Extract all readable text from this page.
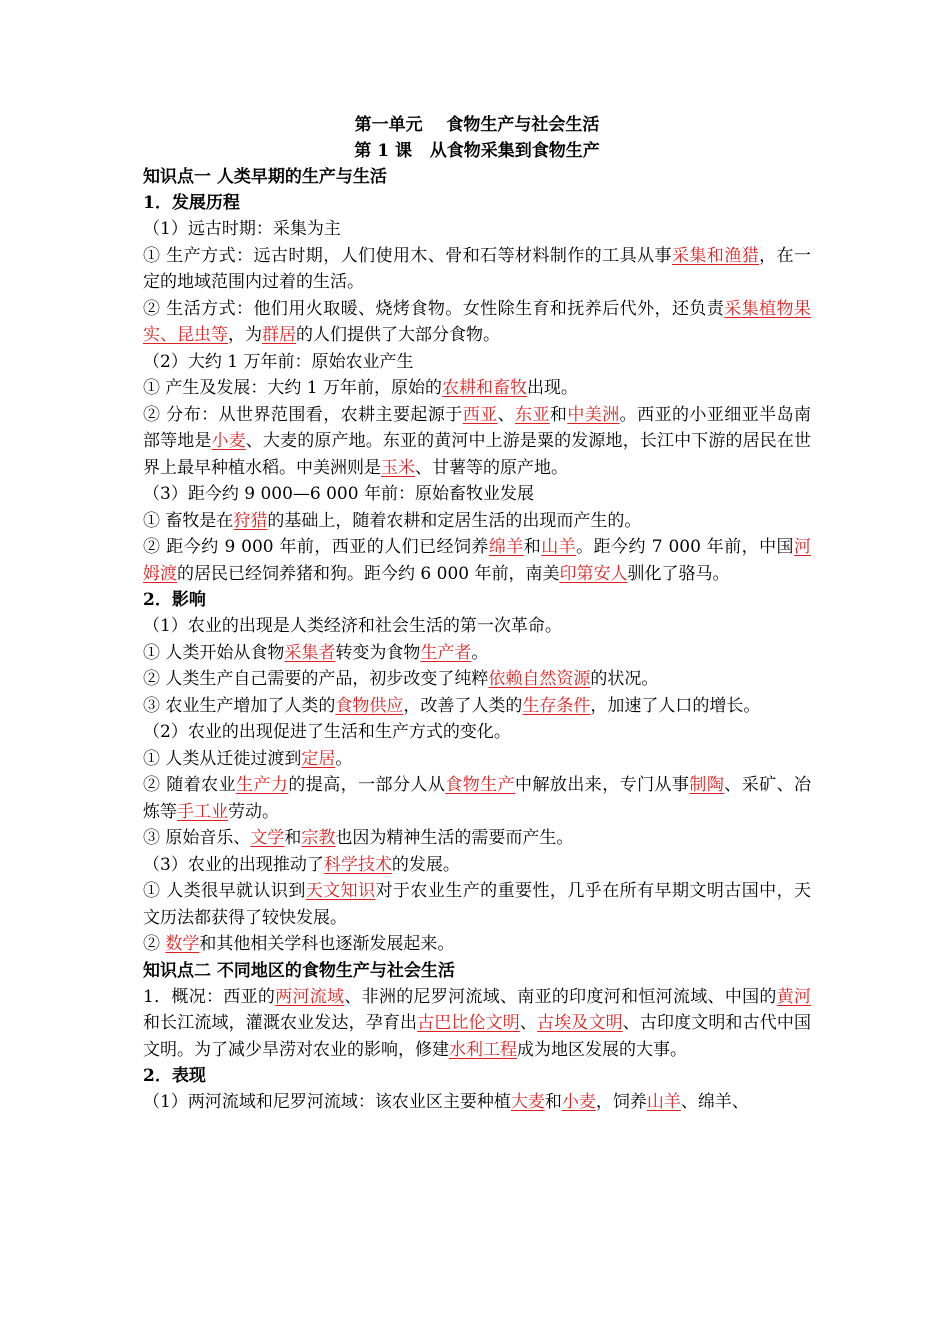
第一单元    食物生产与社会生活

第 1 课   从食物采集到食物生产

知识点一 人类早期的生产与生活

1．发展历程

（1）远古时期：采集为主

① 生产方式：远古时期，人们使用木、骨和石等材料制作的工具从事采集和渔猎，在一定的地域范围内过着的生活。

② 生活方式：他们用火取暖、烧烤食物。女性除生育和抚养后代外，还负责采集植物果实、昆虫等，为群居的人们提供了大部分食物。

（2）大约 1 万年前：原始农业产生

① 产生及发展：大约 1 万年前，原始的农耕和畜牧出现。

② 分布：从世界范围看，农耕主要起源于西亚、东亚和中美洲。西亚的小亚细亚半岛南部等地是小麦、大麦的原产地。东亚的黄河中上游是粟的发源地，长江中下游的居民在世界上最早种植水稻。中美洲则是玉米、甘薯等的原产地。

（3）距今约 9 000—6 000 年前：原始畜牧业发展

① 畜牧是在狩猎的基础上，随着农耕和定居生活的出现而产生的。

② 距今约 9 000 年前，西亚的人们已经饲养绵羊和山羊。距今约 7 000 年前，中国河姆渡的居民已经饲养猪和狗。距今约 6 000 年前，南美印第安人驯化了骆马。

2．影响

（1）农业的出现是人类经济和社会生活的第一次革命。

① 人类开始从食物采集者转变为食物生产者。

② 人类生产自己需要的产品，初步改变了纯粹依赖自然资源的状况。

③ 农业生产增加了人类的食物供应，改善了人类的生存条件，加速了人口的增长。

（2）农业的出现促进了生活和生产方式的变化。

① 人类从迁徙过渡到定居。

② 随着农业生产力的提高，一部分人从食物生产中解放出来，专门从事制陶、采矿、冶炼等手工业劳动。

③ 原始音乐、文学和宗教也因为精神生活的需要而产生。

（3）农业的出现推动了科学技术的发展。

① 人类很早就认识到天文知识对于农业生产的重要性，几乎在所有早期文明古国中，天文历法都获得了较快发展。

② 数学和其他相关学科也逐渐发展起来。

知识点二 不同地区的食物生产与社会生活

1．概况：西亚的两河流域、非洲的尼罗河流域、南亚的印度河和恒河流域、中国的黄河和长江流域，灌溉农业发达，孕育出古巴比伦文明、古埃及文明、古印度文明和古代中国文明。为了减少旱涝对农业的影响，修建水利工程成为地区发展的大事。

2．表现

（1）两河流域和尼罗河流域：该农业区主要种植大麦和小麦，饲养山羊、绵羊、
